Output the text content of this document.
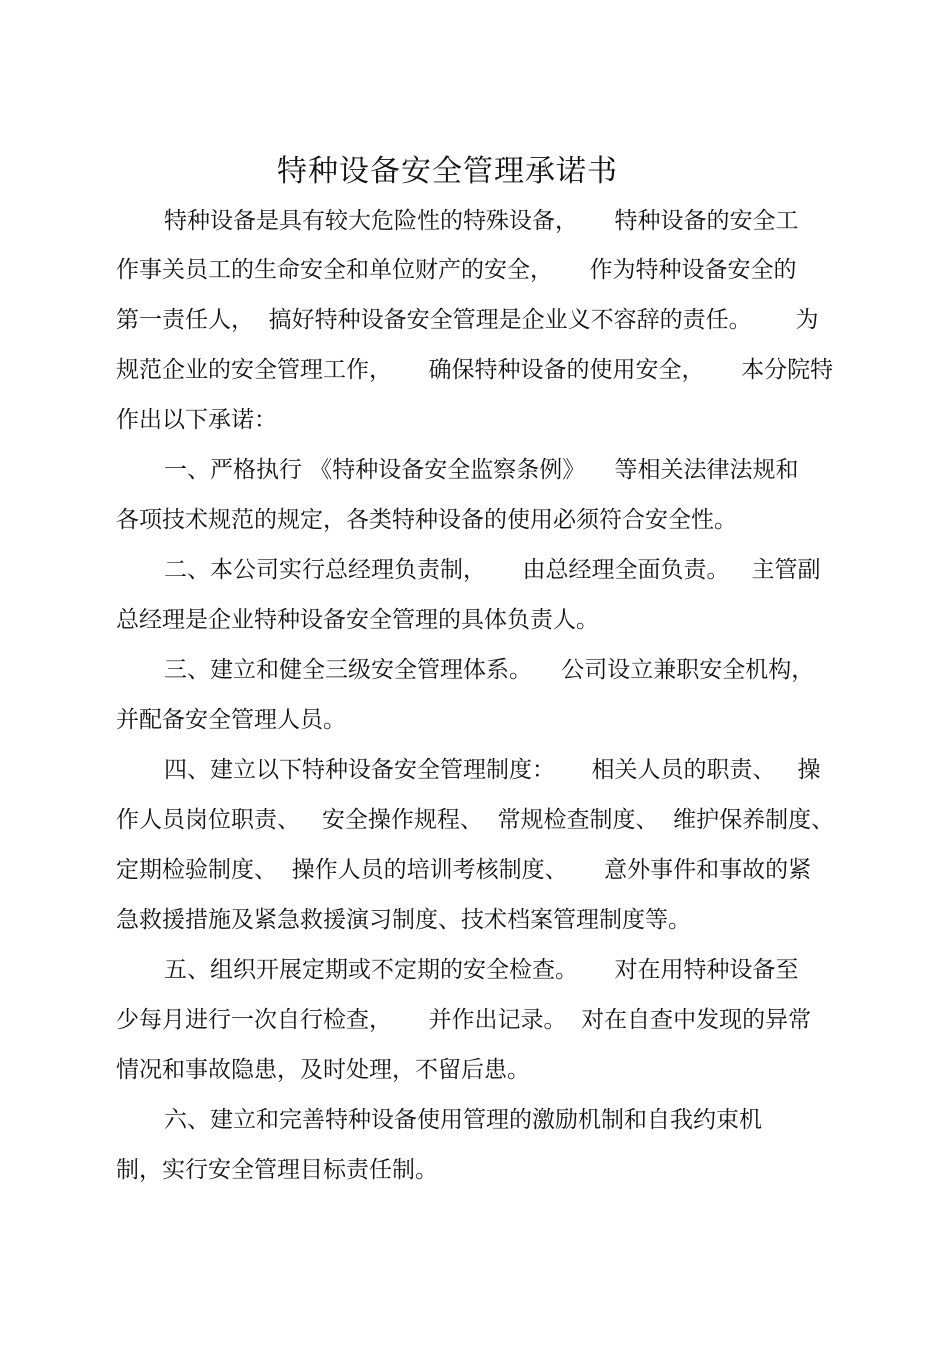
特种设备安全管理承诺书

特种设备是具有较大危险性的特殊设备，     特种设备的安全工

作事关员工的生命安全和单位财产的安全，     作为特种设备安全的

第一责任人，  搞好特种设备安全管理是企业义不容辞的责任。      为

规范企业的安全管理工作，     确保特种设备的使用安全，     本分院特

作出以下承诺：

一、严格执行 《特种设备安全监察条例》    等相关法律法规和

各项技术规范的规定，各类特种设备的使用必须符合安全性。

二、本公司实行总经理负责制，     由总经理全面负责。   主管副

总经理是企业特种设备安全管理的具体负责人。

三、建立和健全三级安全管理体系。    公司设立兼职安全机构，

并配备安全管理人员。

四、建立以下特种设备安全管理制度：     相关人员的职责、   操

作人员岗位职责、   安全操作规程、  常规检查制度、  维护保养制度、

定期检验制度、  操作人员的培训考核制度、     意外事件和事故的紧

急救援措施及紧急救援演习制度、技术档案管理制度等。

五、组织开展定期或不定期的安全检查。     对在用特种设备至

少每月进行一次自行检查，     并作出记录。  对在自查中发现的异常

情况和事故隐患，及时处理，不留后患。

六、建立和完善特种设备使用管理的激励机制和自我约束机

制，实行安全管理目标责任制。
